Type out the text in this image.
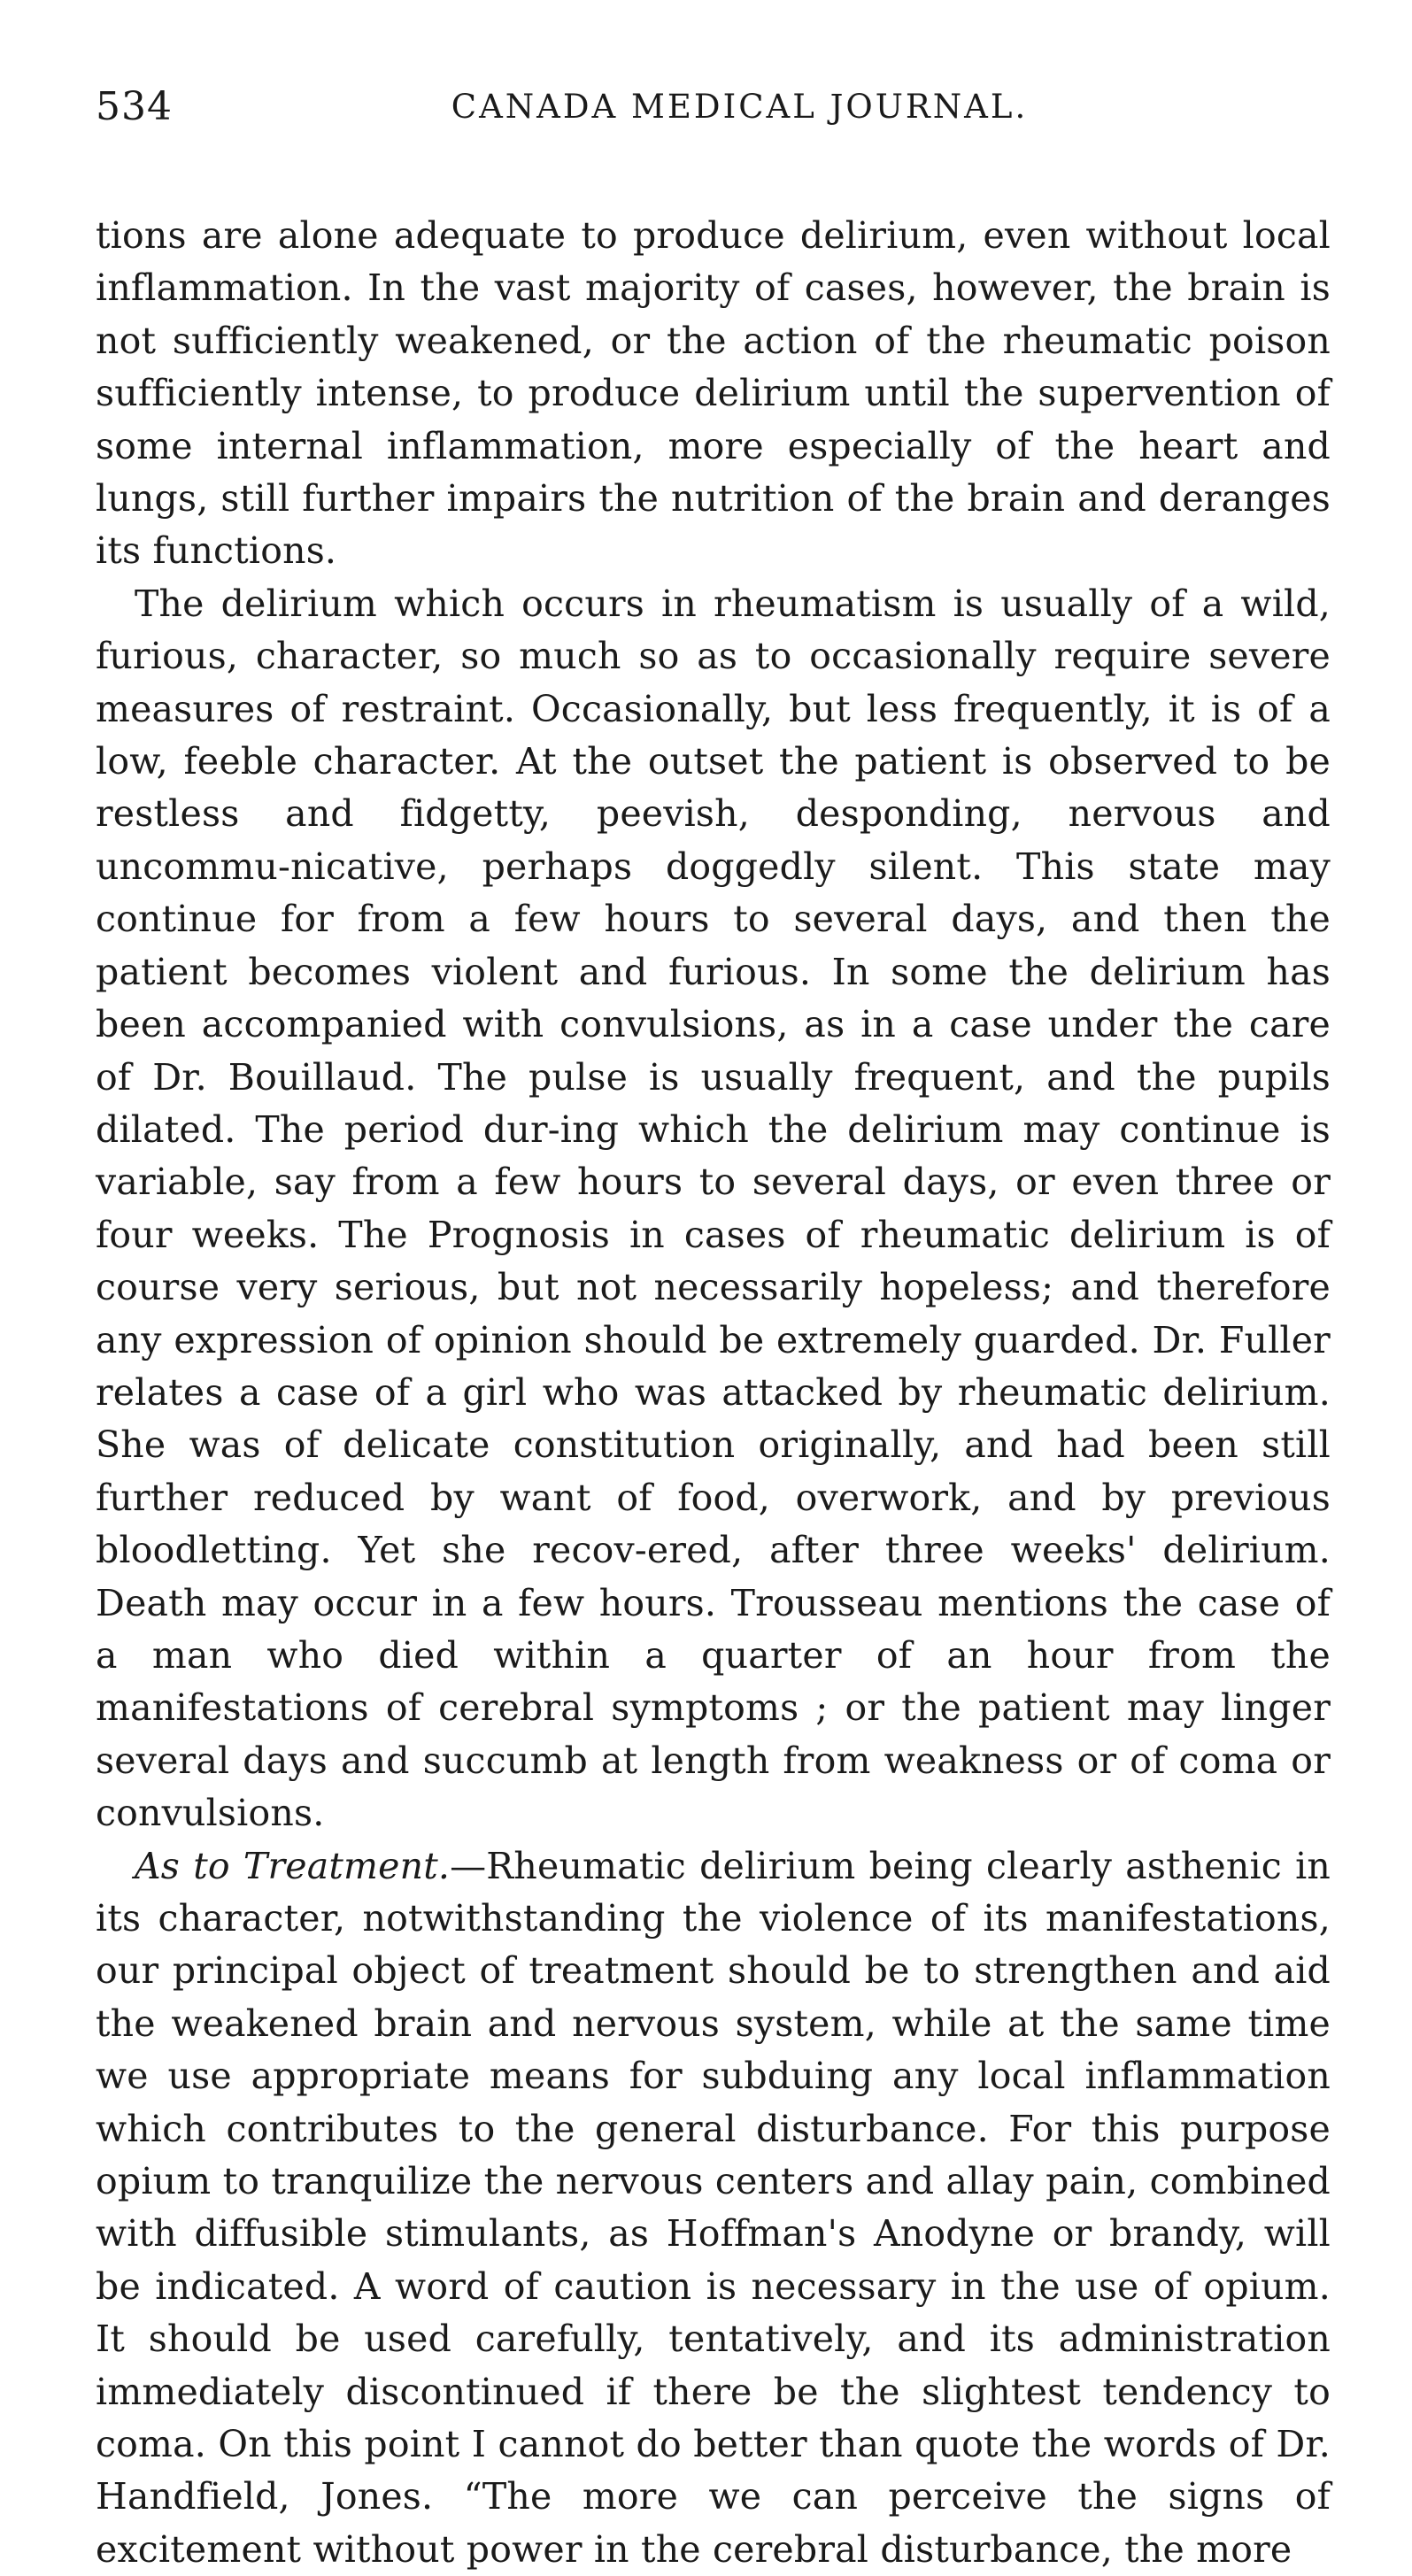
534	CANADA MEDICAL JOURNAL.

tions are alone adequate to produce delirium, even without local inflammation. In the vast majority of cases, however, the brain is not sufficiently weakened, or the action of the rheumatic poison sufficiently intense, to produce delirium until the supervention of some internal inflammation, more especially of the heart and lungs, still further impairs the nutrition of the brain and deranges its functions.

The delirium which occurs in rheumatism is usually of a wild, furious, character, so much so as to occasionally require severe measures of restraint. Occasionally, but less frequently, it is of a low, feeble character. At the outset the patient is observed to be restless and fidgetty, peevish, desponding, nervous and uncommu-nicative, perhaps doggedly silent. This state may continue for from a few hours to several days, and then the patient becomes violent and furious. In some the delirium has been accompanied with convulsions, as in a case under the care of Dr. Bouillaud. The pulse is usually frequent, and the pupils dilated. The period dur-ing which the delirium may continue is variable, say from a few hours to several days, or even three or four weeks. The Prognosis in cases of rheumatic delirium is of course very serious, but not necessarily hopeless; and therefore any expression of opinion should be extremely guarded. Dr. Fuller relates a case of a girl who was attacked by rheumatic delirium. She was of delicate constitution originally, and had been still further reduced by want of food, overwork, and by previous bloodletting. Yet she recov-ered, after three weeks' delirium. Death may occur in a few hours. Trousseau mentions the case of a man who died within a quarter of an hour from the manifestations of cerebral symptoms ; or the patient may linger several days and succumb at length from weakness or of coma or convulsions.

As to Treatment.—Rheumatic delirium being clearly asthenic in its character, notwithstanding the violence of its manifestations, our principal object of treatment should be to strengthen and aid the weakened brain and nervous system, while at the same time we use appropriate means for subduing any local inflammation which contributes to the general disturbance. For this purpose opium to tranquilize the nervous centers and allay pain, combined with diffusible stimulants, as Hoffman's Anodyne or brandy, will be indicated. A word of caution is necessary in the use of opium. It should be used carefully, tentatively, and its administration immediately discontinued if there be the slightest tendency to coma. On this point I cannot do better than quote the words of Dr. Handfield, Jones. “The more we can perceive the signs of excitement without power in the cerebral disturbance, the more
